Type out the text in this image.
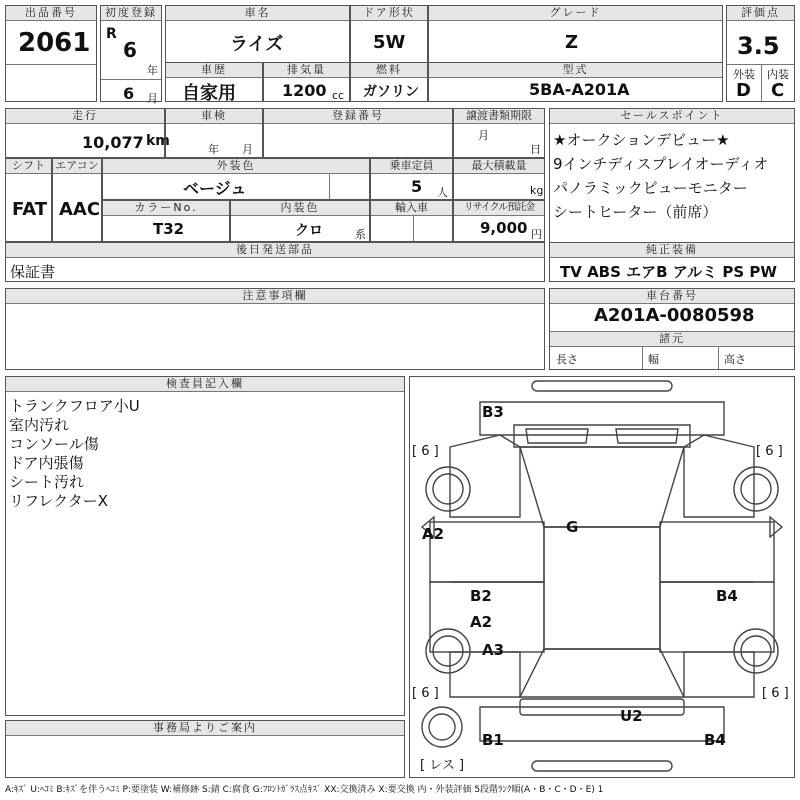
出品番号
2061
初度登録
R
6
年
6 月
車名
ライズ
ドア形状
5W
グレード
Z
評価点
3.5
外装 内装
D C
車歴
自家用
排気量
1200 cc
燃料
ガソリン
型式
5BA-A201A
走行
10,077 km
車検
年 月
登録番号	譲渡書類期限
月
日
セールスポイント
★オークションデビュー★
9インチディスプレイオーディオ
パノラミックビューモニター
シートヒーター（前席）
シフト
FAT
エアコン
AAC
外装色
ベージュ
乗車定員
5 人
最大積載量
kg
カラーNo.
T32
内装色
クロ	系
輸入車	リサイクル預託金
9,000 円
後日発送部品
保証書
純正装備
TV ABS エアB アルミ PS PW
注意事項欄	車台番号
A201A-0080598
諸元
長さ	幅	高さ
検査員記入欄
トランクフロア小U
室内汚れ
コンソール傷
ドア内張傷
シート汚れ
リフレクターX
事務局よりご案内
B3
A2	G
B2
A2
A3
B4
U2
B1	B4
[ 6 ]	[ 6 ]
[ 6 ]	[ 6 ]
[ レス ]
A:ｷｽﾞ U:ﾍｺﾐ B:ｷｽﾞを伴うﾍｺﾐ P:要塗装 W:補修跡 S:錆 C:腐食 G:ﾌﾛﾝﾄｶﾞﾗｽ点ｷｽﾞ XX:交換済み X:要交換 内・外装評価 5段階ﾗﾝｸ順(A・B・C・D・E) 1
